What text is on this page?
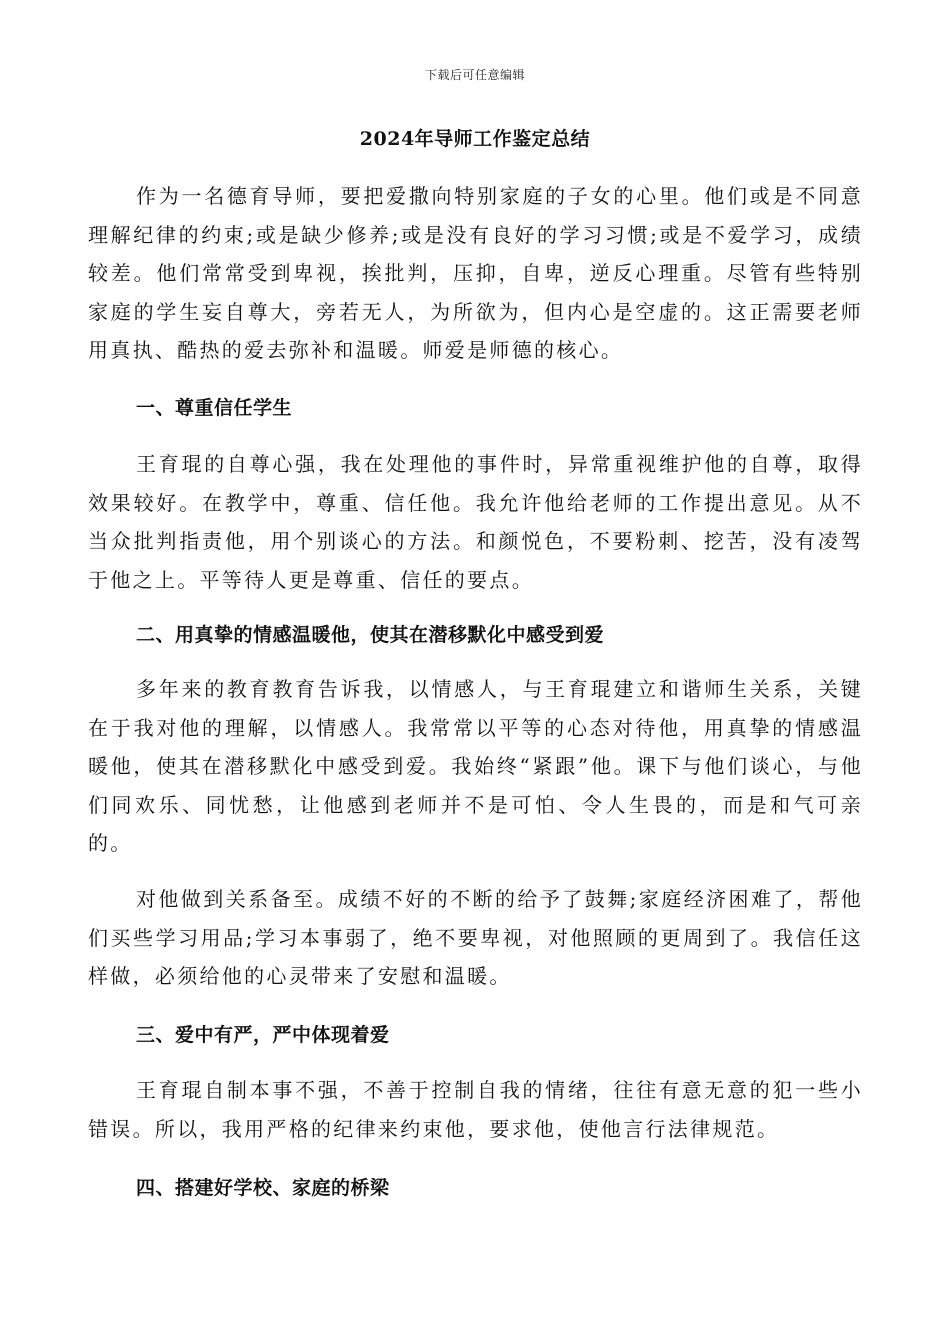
下载后可任意编辑
2024年导师工作鉴定总结

作为一名德育导师，要把爱撒向特别家庭的子女的心里。他们或是不同意理解纪律的约束;或是缺少修养;或是没有良好的学习习惯;或是不爱学习，成绩较差。他们常常受到卑视，挨批判，压抑，自卑，逆反心理重。尽管有些特别家庭的学生妄自尊大，旁若无人，为所欲为，但内心是空虚的。这正需要老师用真执、酷热的爱去弥补和温暖。师爱是师德的核心。

一、尊重信任学生

王育琨的自尊心强，我在处理他的事件时，异常重视维护他的自尊，取得效果较好。在教学中，尊重、信任他。我允许他给老师的工作提出意见。从不当众批判指责他，用个别谈心的方法。和颜悦色，不要粉刺、挖苦，没有凌驾于他之上。平等待人更是尊重、信任的要点。

二、用真挚的情感温暖他，使其在潜移默化中感受到爱

多年来的教育教育告诉我，以情感人，与王育琨建立和谐师生关系，关键在于我对他的理解，以情感人。我常常以平等的心态对待他，用真挚的情感温暖他，使其在潜移默化中感受到爱。我始终“紧跟”他。课下与他们谈心，与他们同欢乐、同忧愁，让他感到老师并不是可怕、令人生畏的，而是和气可亲的。

对他做到关系备至。成绩不好的不断的给予了鼓舞;家庭经济困难了，帮他们买些学习用品;学习本事弱了，绝不要卑视，对他照顾的更周到了。我信任这样做，必须给他的心灵带来了安慰和温暖。

三、爱中有严，严中体现着爱

王育琨自制本事不强，不善于控制自我的情绪，往往有意无意的犯一些小错误。所以，我用严格的纪律来约束他，要求他，使他言行法律规范。

四、搭建好学校、家庭的桥梁
